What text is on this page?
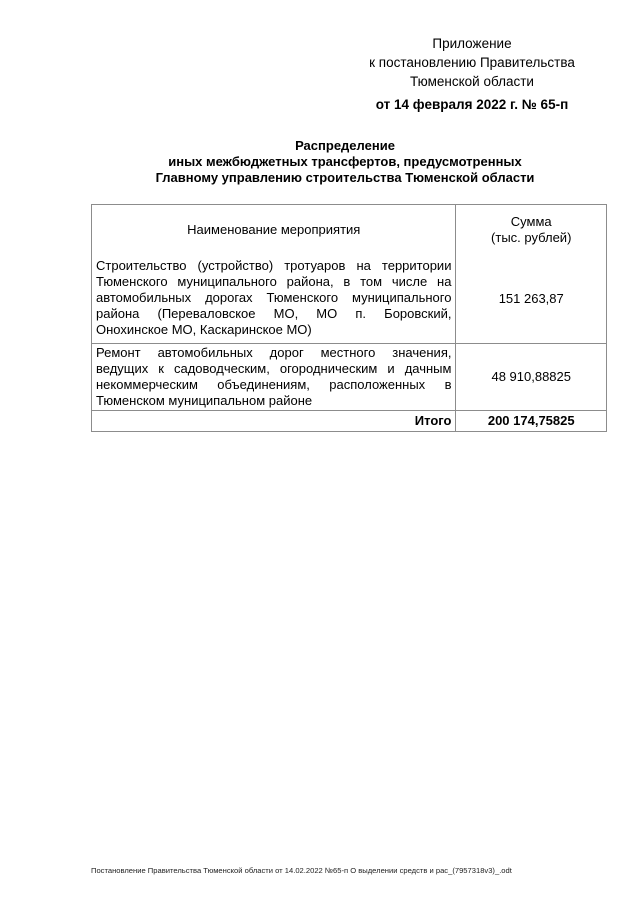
Приложение
к постановлению Правительства
Тюменской области
от 14 февраля 2022 г. № 65-п
Распределение
иных межбюджетных трансфертов, предусмотренных
Главному управлению строительства Тюменской области
Наименование мероприятия	Сумма
(тыс. рублей)

Строительство (устройство) тротуаров на территории Тюменского муниципального района, в том числе на автомобильных дорогах Тюменского муниципального района (Перевaловское МО, МО п. Боровский, Онохинское МО, Каскаринское МО)	151 263,87
Ремонт автомобильных дорог местного значения, ведущих к садоводческим, огородническим и дачным некоммерческим объединениям, расположенных в Тюменском муниципальном районе	48 910,88825
Итого	200 174,75825
Постановление Правительства Тюменской области от 14.02.2022 №65-п О выделении средств и рас_(7957318v3)_.odt
